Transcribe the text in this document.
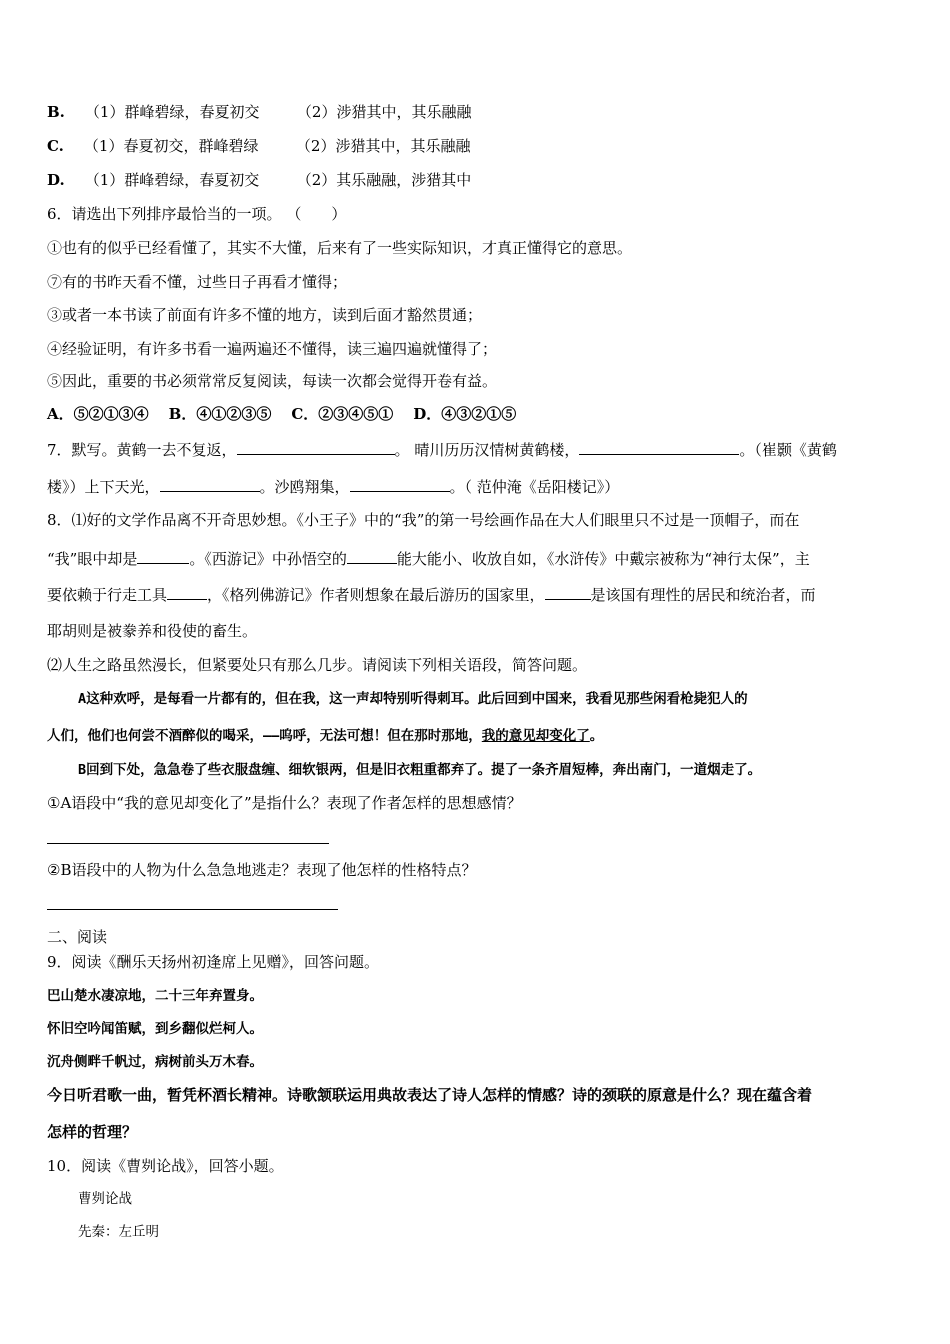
B. （1）群峰碧绿，春夏初交 （2）涉猎其中，其乐融融
C. （1）春夏初交，群峰碧绿 （2）涉猎其中，其乐融融
D. （1）群峰碧绿，春夏初交 （2）其乐融融，涉猎其中
6．请选出下列排序最恰当的一项。 （　　）
①也有的似乎已经看懂了，其实不大懂，后来有了一些实际知识，才真正懂得它的意思。
⑦有的书昨天看不懂，过些日子再看才懂得；
③或者一本书读了前面有许多不懂的地方，读到后面才豁然贯通；
④经验证明，有许多书看一遍两遍还不懂得，读三遍四遍就懂得了；
⑤因此，重要的书必须常常反复阅读，每读一次都会觉得开卷有益。
A．⑤②①③④ B．④①②③⑤ C．②③④⑤① D．④③②①⑤
7．默写。黄鹤一去不复返，	。 晴川历历汉情树黄鹤楼，	。（崔颢《黄鹤
楼》）上下天光，	。沙鸥翔集，	。（ 范仲淹《岳阳楼记》）
8．⑴好的文学作品离不开奇思妙想。《小王子》中的“我”的第一号绘画作品在大人们眼里只不过是一顶帽子，而在
“我”眼中却是	。《西游记》中孙悟空的	能大能小、收放自如，《水浒传》中戴宗被称为“神行太保”，主
要依赖于行走工具	，《格列佛游记》作者则想象在最后游历的国家里，	是该国有理性的居民和统治者，而
耶胡则是被豢养和役使的畜生。
⑵人生之路虽然漫长，但紧要处只有那么几步。请阅读下列相关语段，简答问题。
A这种欢呼，是每看一片都有的，但在我，这一声却特别听得刺耳。此后回到中国来，我看见那些闲看枪毙犯人的
人们，他们也何尝不酒醉似的喝采，——呜呼，无法可想！但在那时那地，我的意见却变化了。
B回到下处，急急卷了些衣服盘缠、细软银两，但是旧衣粗重都弃了。提了一条齐眉短棒，奔出南门，一道烟走了。
①A语段中“我的意见却变化了”是指什么？表现了作者怎样的思想感情？
②B语段中的人物为什么急急地逃走？表现了他怎样的性格特点？
二、阅读
9．阅读《酬乐天扬州初逢席上见赠》，回答问题。
巴山楚水凄凉地，二十三年弃置身。
怀旧空吟闻笛赋，到乡翻似烂柯人。
沉舟侧畔千帆过，病树前头万木春。
今日听君歌一曲，暂凭杯酒长精神。诗歌颔联运用典故表达了诗人怎样的情感？诗的颈联的原意是什么？现在蕴含着
怎样的哲理？
10．阅读《曹刿论战》，回答小题。
曹刿论战
先秦：左丘明
